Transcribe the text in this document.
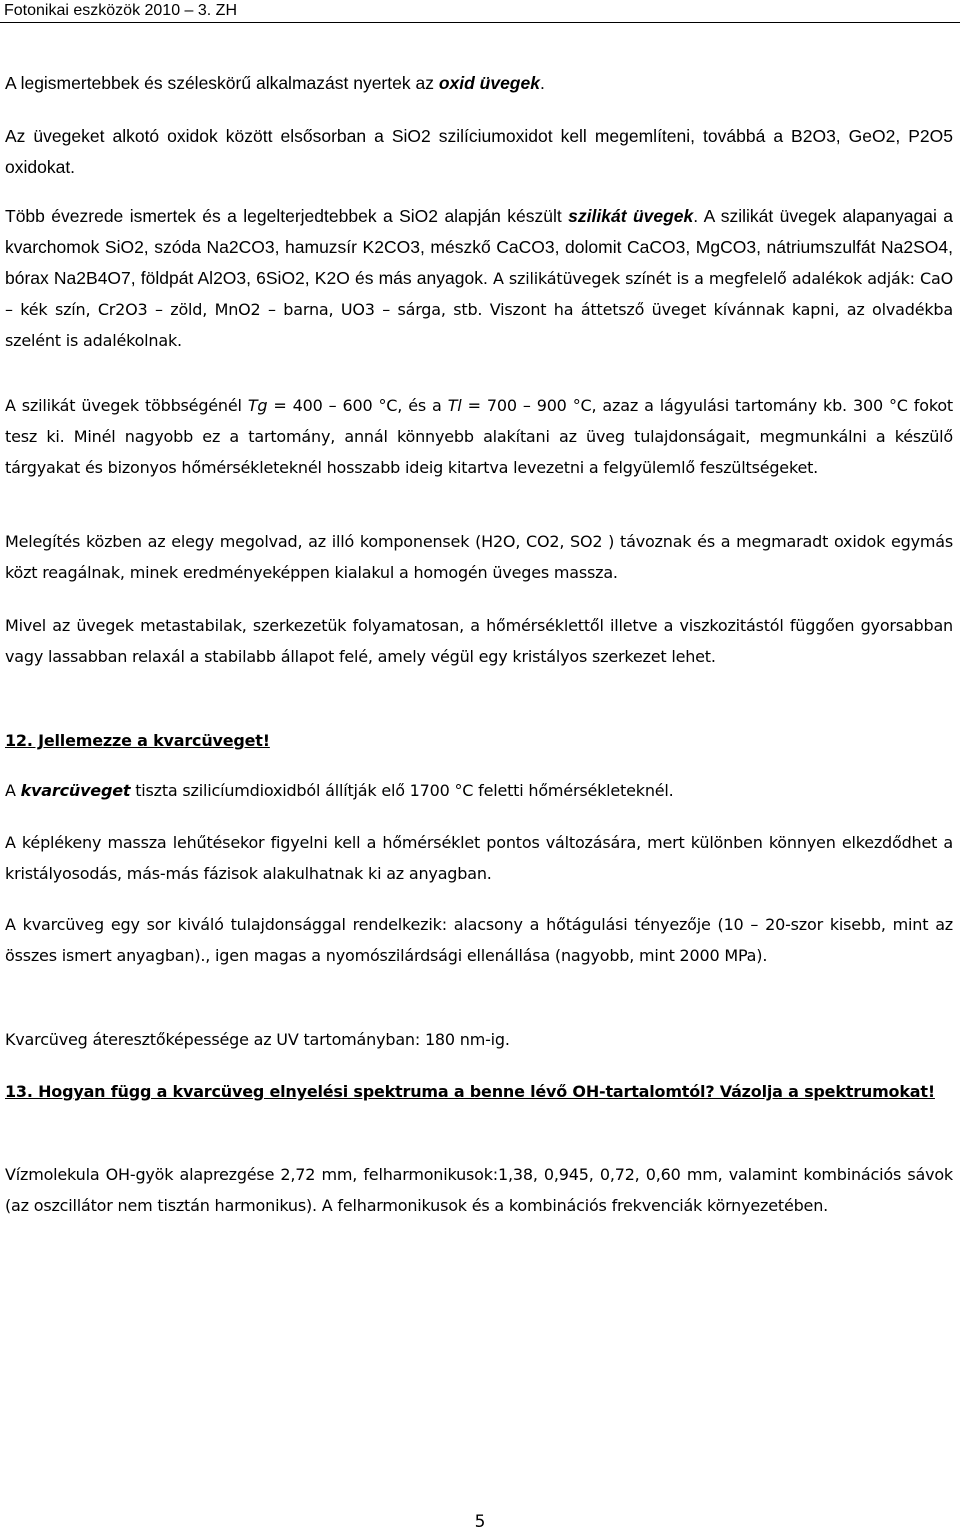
Fotonikai eszközök 2010 – 3. ZH

A legismertebbek és széleskörű alkalmazást nyertek az oxid üvegek.

Az üvegeket alkotó oxidok között elsősorban a SiO2 szilíciumoxidot kell megemlíteni, továbbá a B2O3, GeO2, P2O5 oxidokat.

Több évezrede ismertek és a legelterjedtebbek a SiO2 alapján készült szilikát üvegek. A szilikát üvegek alapanyagai a kvarchomok SiO2, szóda Na2CO3, hamuzsír K2CO3, mészkő CaCO3, dolomit CaCO3, MgCO3, nátriumszulfát Na2SO4, bórax Na2B4O7, földpát Al2O3, 6SiO2, K2O és más anyagok. A szilikátüvegek színét is a megfelelő adalékok adják: CaO – kék szín, Cr2O3 – zöld, MnO2 – barna, UO3 – sárga, stb. Viszont ha áttetsző üveget kívánnak kapni, az olvadékba szelént is adalékolnak.

A szilikát üvegek többségénél Tg = 400 – 600 °C, és a Tl = 700 – 900 °C, azaz a lágyulási tartomány kb. 300 °C fokot tesz ki. Minél nagyobb ez a tartomány, annál könnyebb alakítani az üveg tulajdonságait, megmunkálni a készülő tárgyakat és bizonyos hőmérsékleteknél hosszabb ideig kitartva levezetni a felgyülemlő feszültségeket.

Melegítés közben az elegy megolvad, az illó komponensek (H2O, CO2, SO2 ) távoznak és a megmaradt oxidok egymás közt reagálnak, minek eredményeképpen kialakul a homogén üveges massza.

Mivel az üvegek metastabilak, szerkezetük folyamatosan, a hőmérséklettől illetve a viszkozitástól függően gyorsabban vagy lassabban relaxál a stabilabb állapot felé, amely végül egy kristályos szerkezet lehet.

12. Jellemezze a kvarcüveget!

A kvarcüveget tiszta szilicíumdioxidból állítják elő 1700 °C feletti hőmérsékleteknél.

A képlékeny massza lehűtésekor figyelni kell a hőmérséklet pontos változására, mert különben könnyen elkezdődhet a kristályosodás, más-más fázisok alakulhatnak ki az anyagban.

A kvarcüveg egy sor kiváló tulajdonsággal rendelkezik: alacsony a hőtágulási tényezője (10 – 20-szor kisebb, mint az összes ismert anyagban)., igen magas a nyomószilárdsági ellenállása (nagyobb, mint 2000 MPa).

Kvarcüveg áteresztőképessége az UV tartományban: 180 nm-ig.

13. Hogyan függ a kvarcüveg elnyelési spektruma a benne lévő OH-tartalomtól? Vázolja a spektrumokat!

Vízmolekula OH-gyök alaprezgése 2,72 mm, felharmonikusok:1,38, 0,945, 0,72, 0,60 mm, valamint kombinációs sávok (az oszcillátor nem tisztán harmonikus). A felharmonikusok és a kombinációs frekvenciák környezetében.

5
